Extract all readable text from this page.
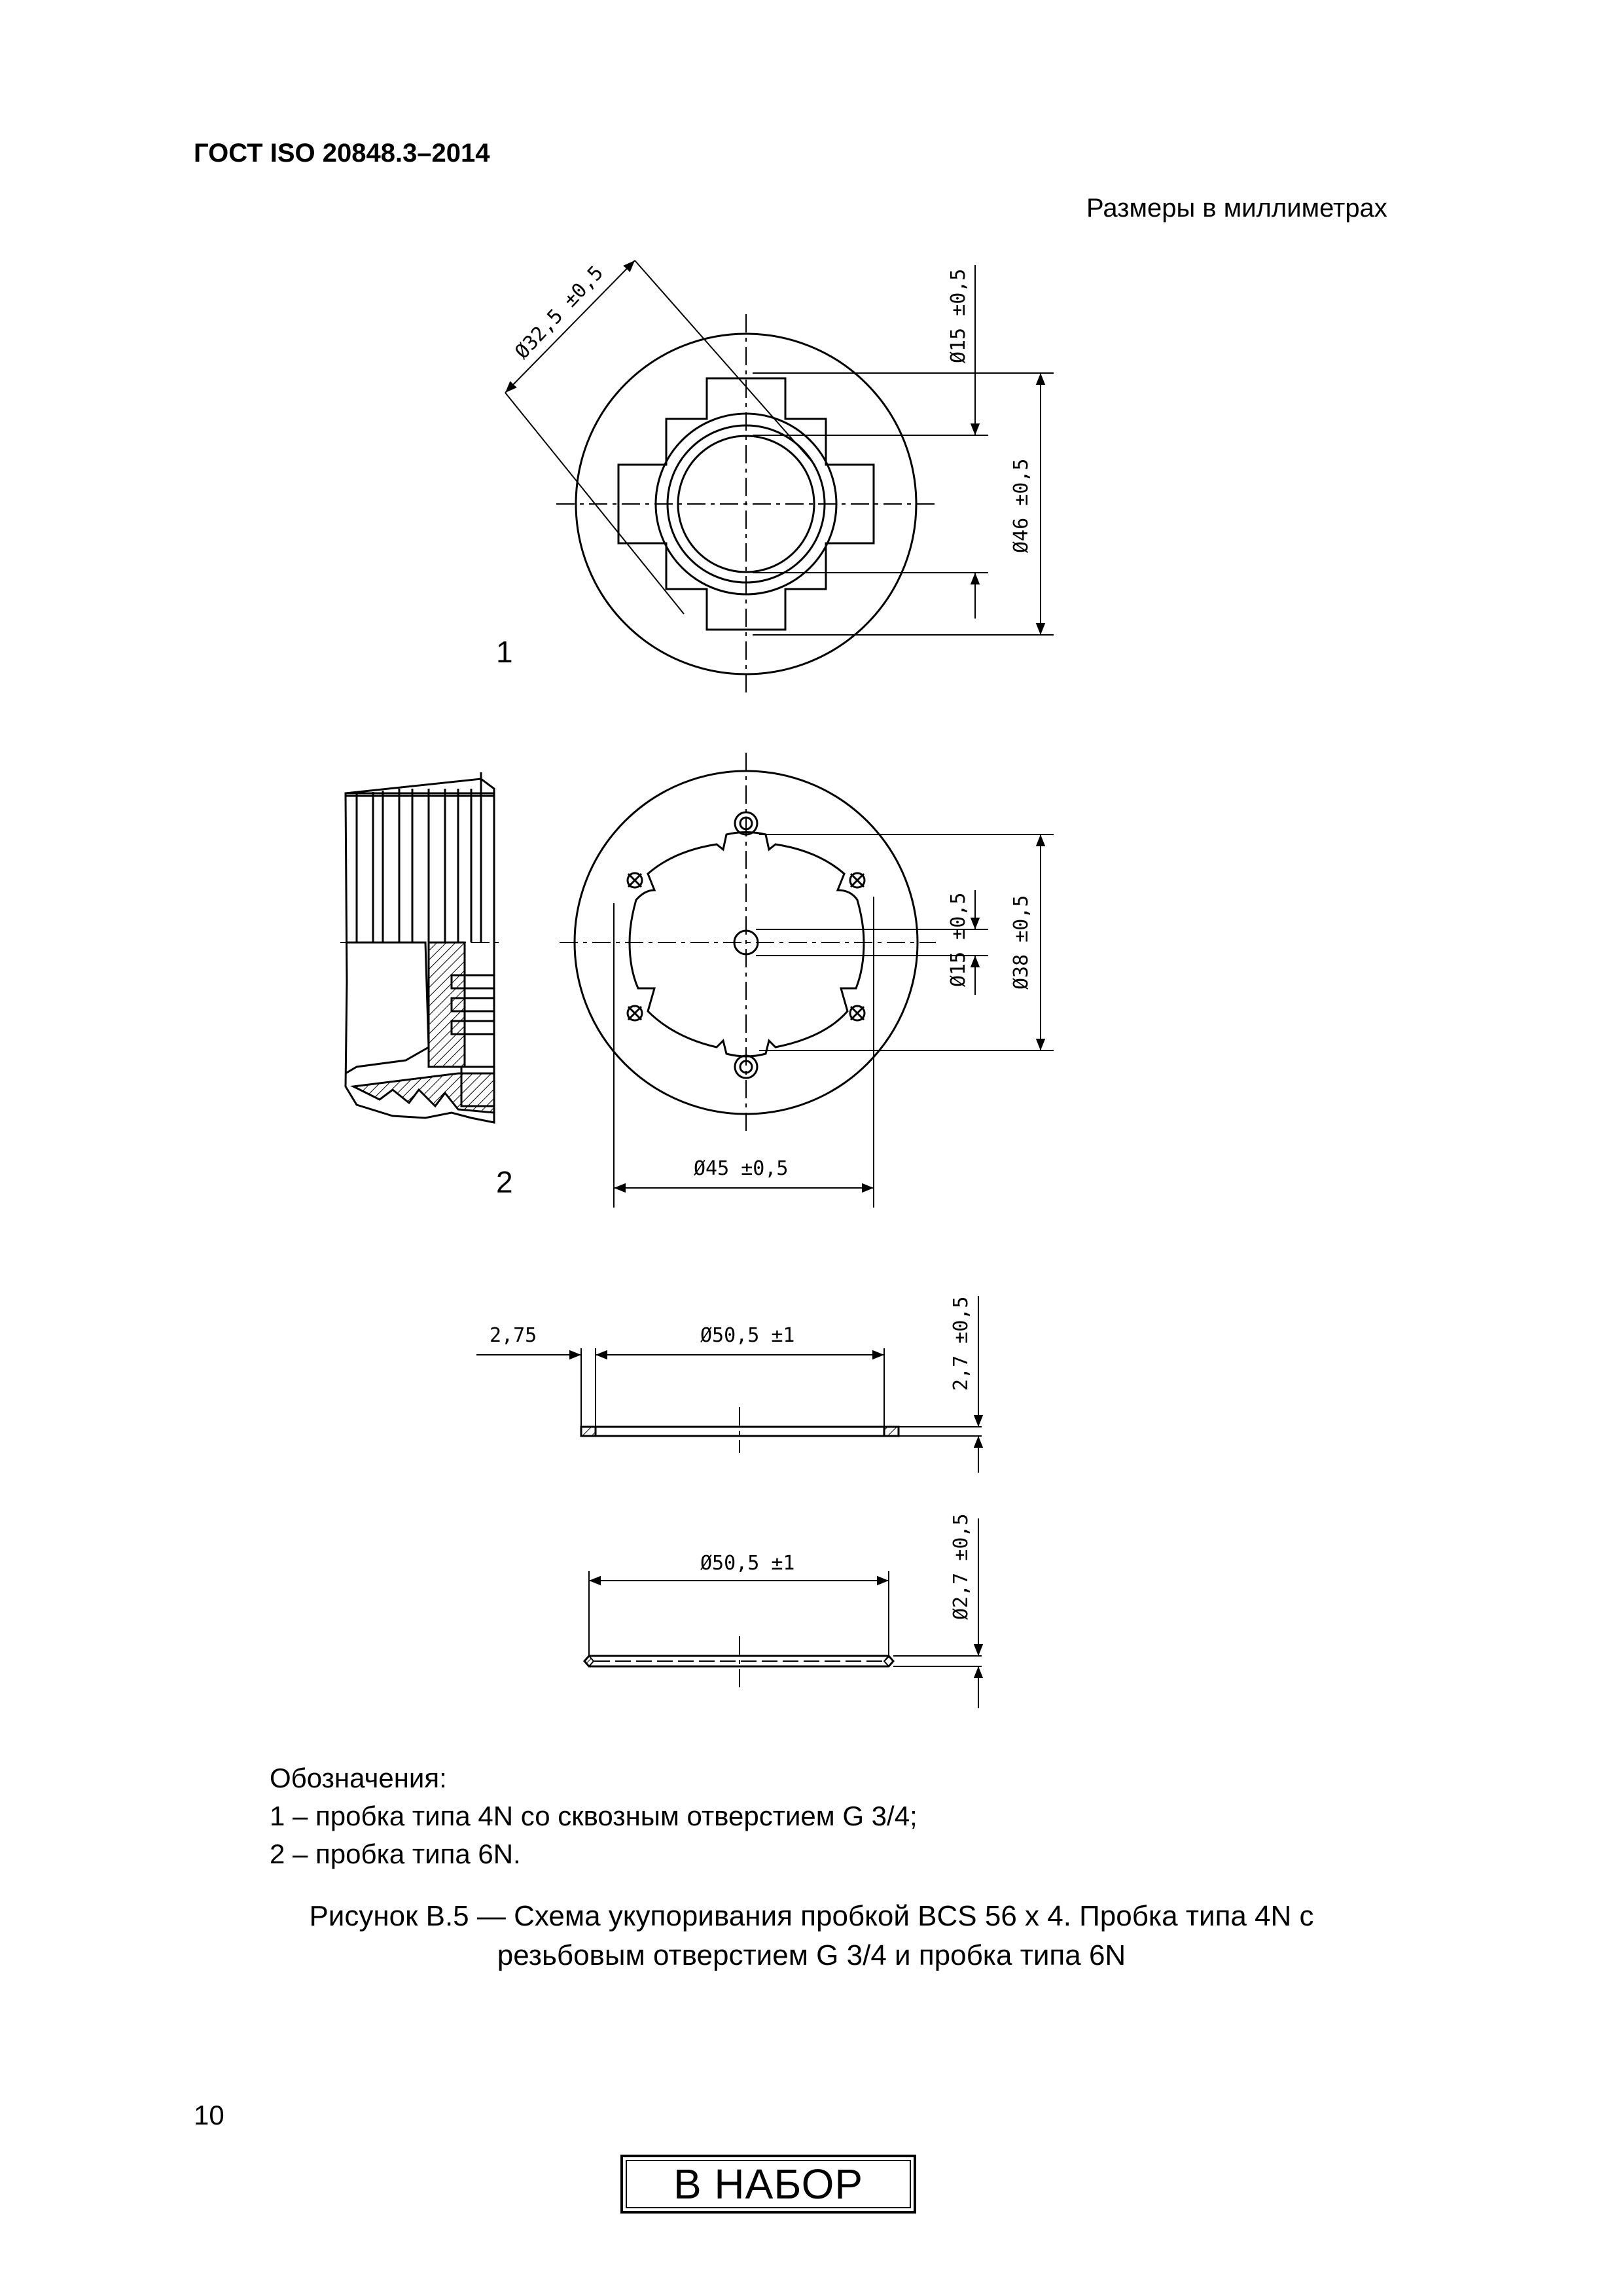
ГОСТ ISO 20848.3–2014
Размеры в миллиметрах
Ø32,5 ±0,5	Ø15 ±0,5
Ø46 ±0,5
1
Ø15 ±0,5 Ø38 ±0,5
Ø45 ±0,5
2
2,75	Ø50,5 ±1	2,7 ±0,5
Ø50,5 ±1	Ø2,7 ±0,5
Обозначения:
1 – пробка типа 4N со сквозным отверстием G 3/4;
2 – пробка типа 6N.
Рисунок В.5 — Схема укупоривания пробкой BCS 56 х 4. Пробка типа 4N с
резьбовым отверстием G 3/4 и пробка типа 6N
10
В НАБОР
